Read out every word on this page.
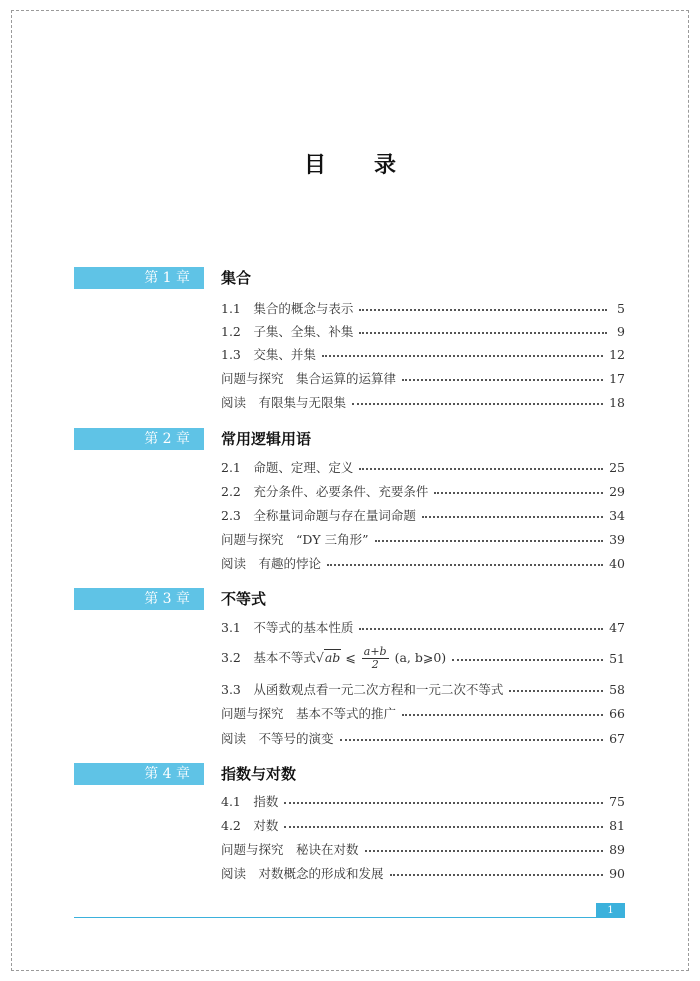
目录
第 1 章	集合
1.1　集合的概念与表示	5
1.2　子集、全集、补集	9
1.3　交集、并集	12
问题与探究　集合运算的运算律	17
阅读　有限集与无限集	18
第 2 章	常用逻辑用语
2.1　命题、定理、定义	25
2.2　充分条件、必要条件、充要条件	29
2.3　全称量词命题与存在量词命题	34
问题与探究　“DY 三角形”	39
阅读　有趣的悖论	40
第 3 章	不等式
3.1　不等式的基本性质	47
3.2　基本不等式√ab ⩽ $\frac{a+b}{2} (a$, b⩾0)	51
3.3　从函数观点看一元二次方程和一元二次不等式	58
问题与探究　基本不等式的推广	66
阅读　不等号的演变	67
第 4 章	指数与对数
4.1　指数	75
4.2　对数	81
问题与探究　秘诀在对数	89
阅读　对数概念的形成和发展	90
1
